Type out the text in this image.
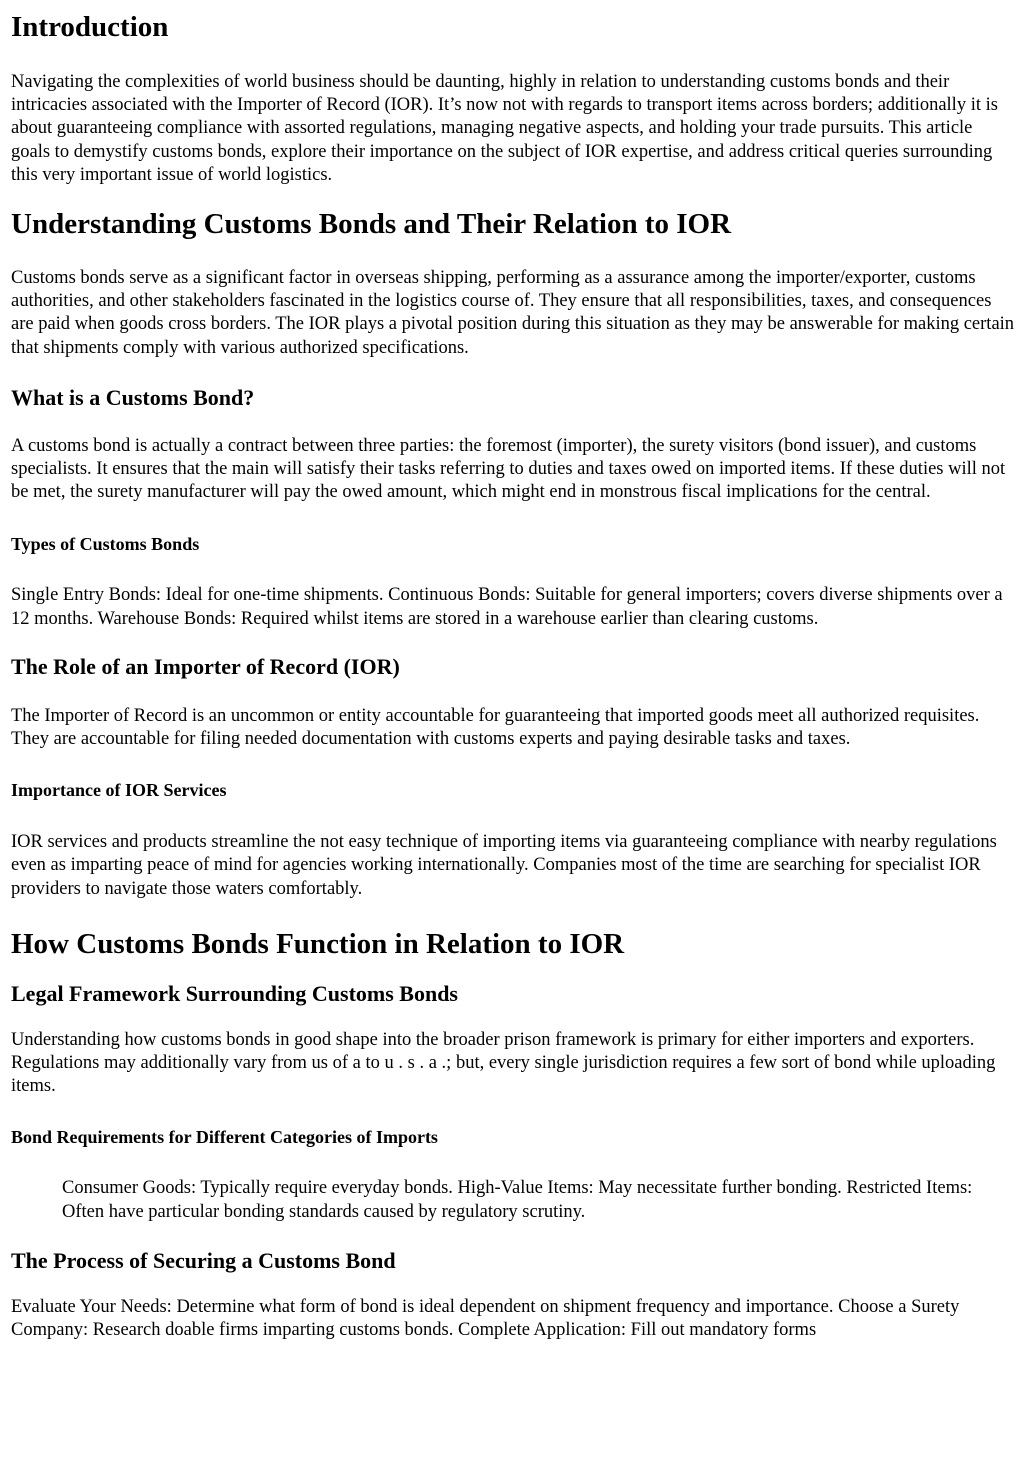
Introduction

Navigating the complexities of world business should be daunting, highly in relation to understanding customs bonds and their intricacies associated with the Importer of Record (IOR). It’s now not with regards to transport items across borders; additionally it is about guaranteeing compliance with assorted regulations, managing negative aspects, and holding your trade pursuits. This article goals to demystify customs bonds, explore their importance on the subject of IOR expertise, and address critical queries surrounding this very important issue of world logistics.

Understanding Customs Bonds and Their Relation to IOR

Customs bonds serve as a significant factor in overseas shipping, performing as a assurance among the importer/exporter, customs authorities, and other stakeholders fascinated in the logistics course of. They ensure that all responsibilities, taxes, and consequences are paid when goods cross borders. The IOR plays a pivotal position during this situation as they may be answerable for making certain that shipments comply with various authorized specifications.

What is a Customs Bond?

A customs bond is actually a contract between three parties: the foremost (importer), the surety visitors (bond issuer), and customs specialists. It ensures that the main will satisfy their tasks referring to duties and taxes owed on imported items. If these duties will not be met, the surety manufacturer will pay the owed amount, which might end in monstrous fiscal implications for the central.

Types of Customs Bonds

Single Entry Bonds: Ideal for one-time shipments. Continuous Bonds: Suitable for general importers; covers diverse shipments over a 12 months. Warehouse Bonds: Required whilst items are stored in a warehouse earlier than clearing customs.

The Role of an Importer of Record (IOR)

The Importer of Record is an uncommon or entity accountable for guaranteeing that imported goods meet all authorized requisites. They are accountable for filing needed documentation with customs experts and paying desirable tasks and taxes.

Importance of IOR Services

IOR services and products streamline the not easy technique of importing items via guaranteeing compliance with nearby regulations even as imparting peace of mind for agencies working internationally. Companies most of the time are searching for specialist IOR providers to navigate those waters comfortably.

How Customs Bonds Function in Relation to IOR
Legal Framework Surrounding Customs Bonds

Understanding how customs bonds in good shape into the broader prison framework is primary for either importers and exporters. Regulations may additionally vary from us of a to u . s . a .; but, every single jurisdiction requires a few sort of bond while uploading items.

Bond Requirements for Different Categories of Imports
Consumer Goods: Typically require everyday bonds. High-Value Items: May necessitate further bonding. Restricted Items: Often have particular bonding standards caused by regulatory scrutiny.
The Process of Securing a Customs Bond

Evaluate Your Needs: Determine what form of bond is ideal dependent on shipment frequency and importance. Choose a Surety Company: Research doable firms imparting customs bonds. Complete Application: Fill out mandatory forms
